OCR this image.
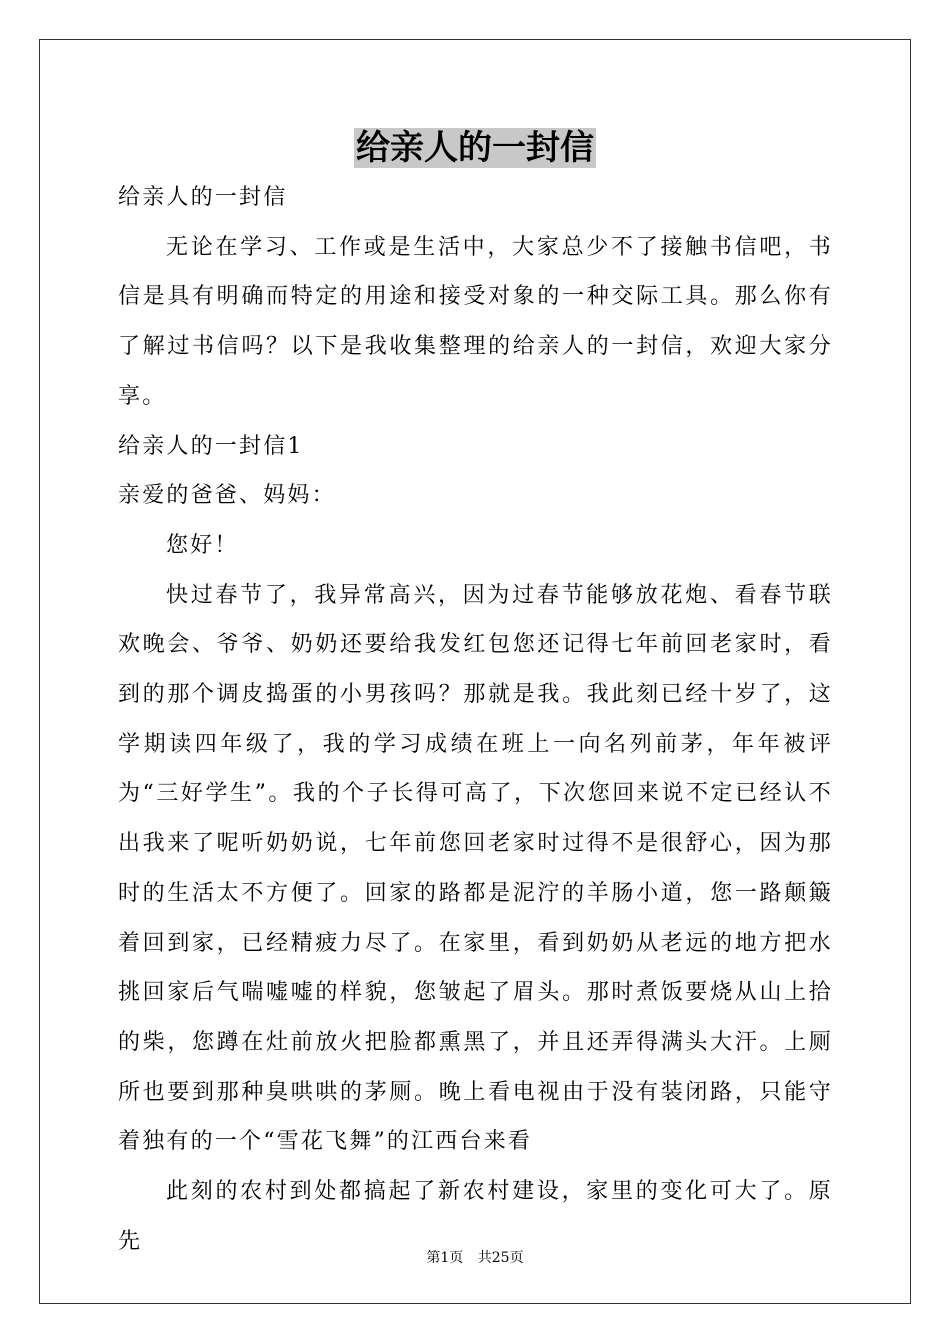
给亲人的一封信

给亲人的一封信

无论在学习、工作或是生活中，大家总少不了接触书信吧，书信是具有明确而特定的用途和接受对象的一种交际工具。那么你有了解过书信吗？以下是我收集整理的给亲人的一封信，欢迎大家分享。

给亲人的一封信1

亲爱的爸爸、妈妈：

您好！

快过春节了，我异常高兴，因为过春节能够放花炮、看春节联欢晚会、爷爷、奶奶还要给我发红包您还记得七年前回老家时，看到的那个调皮捣蛋的小男孩吗？那就是我。我此刻已经十岁了，这学期读四年级了，我的学习成绩在班上一向名列前茅，年年被评为“三好学生”。我的个子长得可高了，下次您回来说不定已经认不出我来了呢听奶奶说，七年前您回老家时过得不是很舒心，因为那时的生活太不方便了。回家的路都是泥泞的羊肠小道，您一路颠簸着回到家，已经精疲力尽了。在家里，看到奶奶从老远的地方把水挑回家后气喘嘘嘘的样貌，您皱起了眉头。那时煮饭要烧从山上拾的柴，您蹲在灶前放火把脸都熏黑了，并且还弄得满头大汗。上厕所也要到那种臭哄哄的茅厕。晚上看电视由于没有装闭路，只能守着独有的一个“雪花飞舞”的江西台来看

此刻的农村到处都搞起了新农村建设，家里的变化可大了。原先

第1页 共25页
